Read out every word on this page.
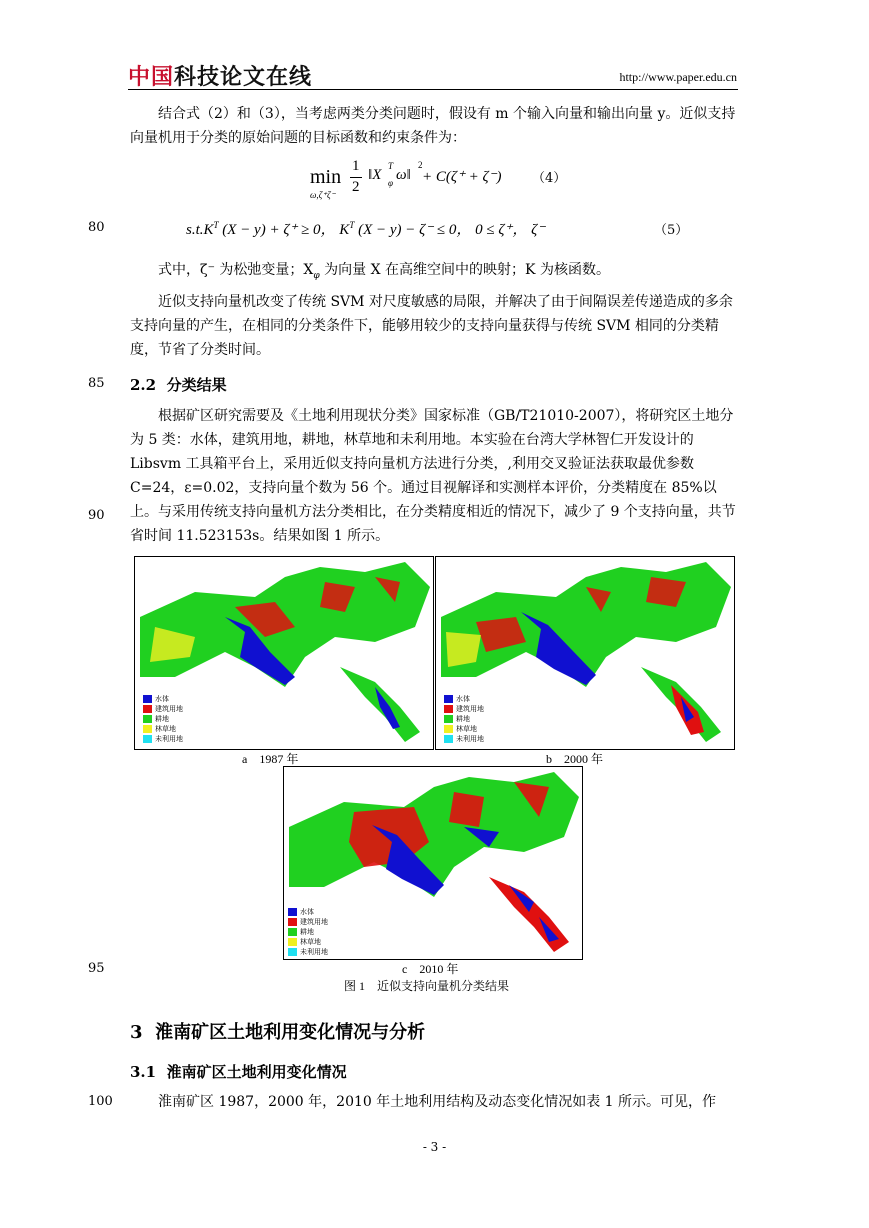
中国科技论文在线	http://www.paper.edu.cn
结合式（2）和（3），当考虑两类分类问题时，假设有 m 个输入向量和输出向量 y。近似支持向量机用于分类的原始问题的目标函数和约束条件为：
min
ω,ζ⁺ζ⁻
1
2
‖X
T
φ ω‖
2
+ C(ζ⁺ + ζ⁻) （4）
80	$s.t.K^T$ (X − y) + ζ⁺ ≥ 0， $K^T$ (X − y) − ζ⁻ ≤ 0， 0 ≤ ζ⁺， ζ⁻	（5）
式中，ζ⁻ 为松弛变量；$X_\varphi$ 为向量 X 在高维空间中的映射；K 为核函数。
近似支持向量机改变了传统 SVM 对尺度敏感的局限，并解决了由于间隔误差传递造成的多余支持向量的产生，在相同的分类条件下，能够用较少的支持向量获得与传统 SVM 相同的分类精度，节省了分类时间。
85 2.2 分类结果
根据矿区研究需要及《土地利用现状分类》国家标准（GB/T21010-2007），将研究区土地分为 5 类：水体，建筑用地，耕地，林草地和未利用地。本实验在台湾大学林智仁开发设计的 Libsvm 工具箱平台上，采用近似支持向量机方法进行分类，,利用交叉验证法获取最优参数 C=24，ε=0.02，支持向量个数为 56 个。通过目视解译和实测样本评价，分类精度在 85%以上。与采用传统支持向量机方法分类相比，在分类精度相近的情况下，减少了 9 个支持向量，共节省时间 11.523153s。结果如图 1 所示。
90
水体
建筑用地
耕地
林草地
未利用地
水体
建筑用地
耕地
林草地
未利用地
a　1987 年	b　2000 年
水体
建筑用地
耕地
林草地
未利用地
95	c　2010 年
图 1　近似支持向量机分类结果
3 淮南矿区土地利用变化情况与分析
3.1 淮南矿区土地利用变化情况
100	淮南矿区 1987，2000 年，2010 年土地利用结构及动态变化情况如表 1 所示。可见，作
- 3 -
